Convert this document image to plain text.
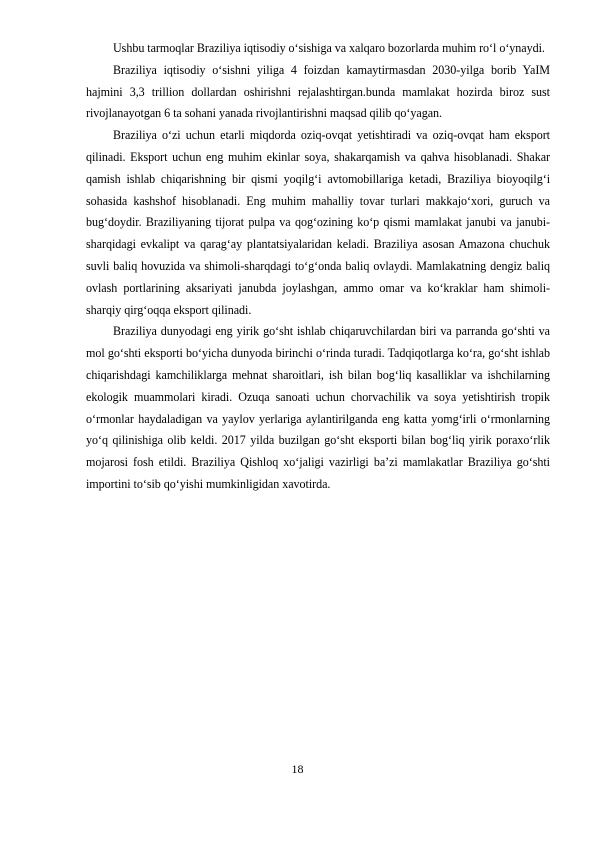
Ushbu tarmoqlar Braziliya iqtisodiy oʻsishiga va xalqaro bozorlarda muhim roʻl oʻynaydi.

Braziliya iqtisodiy oʻsishni yiliga 4 foizdan kamaytirmasdan 2030-yilga borib YaIM hajmini 3,3 trillion dollardan oshirishni rejalashtirgan.bunda mamlakat hozirda biroz sust rivojlanayotgan 6 ta sohani yanada rivojlantirishni maqsad qilib qoʻyagan.

Braziliya oʻzi uchun etarli miqdorda oziq-ovqat yetishtiradi va oziq-ovqat ham eksport qilinadi. Eksport uchun eng muhim ekinlar soya, shakarqamish va qahva hisoblanadi. Shakar qamish ishlab chiqarishning bir qismi yoqilgʻi avtomobillariga ketadi, Braziliya bioyoqilgʻi sohasida kashshof hisoblanadi. Eng muhim mahalliy tovar turlari makkajoʻxori, guruch va bugʻdoydir. Braziliyaning tijorat pulpa va qogʻozining koʻp qismi mamlakat janubi va janubi-sharqidagi evkalipt va qaragʻay plantatsiyalaridan keladi. Braziliya asosan Amazona chuchuk suvli baliq hovuzida va shimoli-sharqdagi toʻgʻonda baliq ovlaydi. Mamlakatning dengiz baliq ovlash portlarining aksariyati janubda joylashgan, ammo omar va koʻkraklar ham shimoli-sharqiy qirgʻoqqa eksport qilinadi.

Braziliya dunyodagi eng yirik goʻsht ishlab chiqaruvchilardan biri va parranda goʻshti va mol goʻshti eksporti boʻyicha dunyoda birinchi oʻrinda turadi. Tadqiqotlarga koʻra, goʻsht ishlab chiqarishdagi kamchiliklarga mehnat sharoitlari, ish bilan bogʻliq kasalliklar va ishchilarning ekologik muammolari kiradi. Ozuqa sanoati uchun chorvachilik va soya yetishtirish tropik oʻrmonlar haydaladigan va yaylov yerlariga aylantirilganda eng katta yomgʻirli oʻrmonlarning yoʻq qilinishiga olib keldi. 2017 yilda buzilgan goʻsht eksporti bilan bogʻliq yirik poraxoʻrlik mojarosi fosh etildi. Braziliya Qishloq xoʻjaligi vazirligi baʼzi mamlakatlar Braziliya goʻshti importini toʻsib qoʻyishi mumkinligidan xavotirda.

18
